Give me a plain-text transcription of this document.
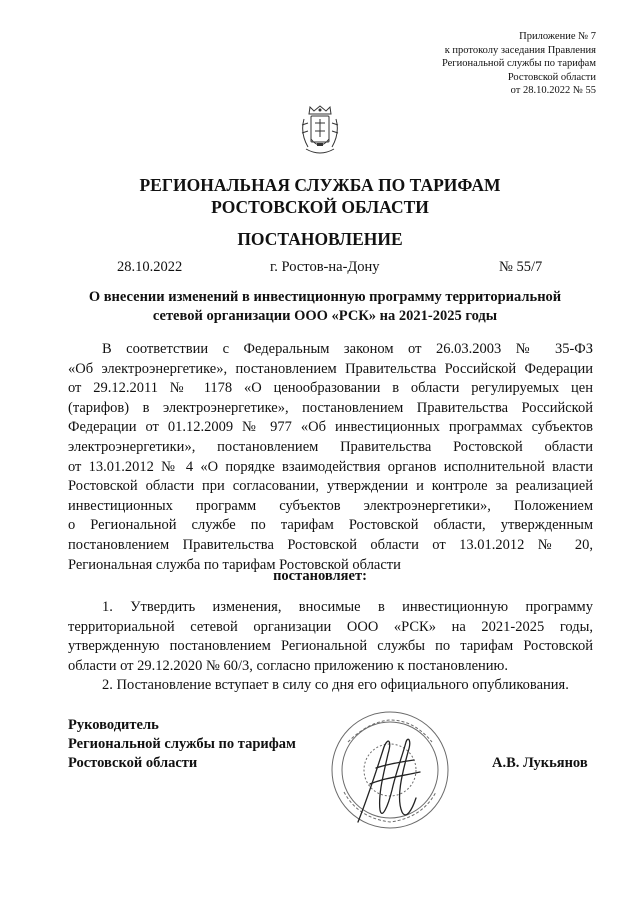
Приложение № 7
к протоколу заседания Правления
Региональной службы по тарифам
Ростовской области
от 28.10.2022 № 55
РЕГИОНАЛЬНАЯ СЛУЖБА ПО ТАРИФАМ
РОСТОВСКОЙ ОБЛАСТИ
ПОСТАНОВЛЕНИЕ
28.10.2022	г. Ростов-на-Дону	№ 55/7
О внесении изменений в инвестиционную программу территориальной
сетевой организации ООО «РСК» на 2021-2025 годы
В соответствии с Федеральным законом от 26.03.2003 № 35-ФЗ
«Об электроэнергетике», постановлением Правительства Российской Федерации
от 29.12.2011 № 1178 «О ценообразовании в области регулируемых цен
(тарифов) в электроэнергетике», постановлением Правительства Российской
Федерации от 01.12.2009 № 977 «Об инвестиционных программах субъектов
электроэнергетики», постановлением Правительства Ростовской области
от 13.01.2012 № 4 «О порядке взаимодействия органов исполнительной власти
Ростовской области при согласовании, утверждении и контроле за реализацией
инвестиционных программ субъектов электроэнергетики», Положением
о Региональной службе по тарифам Ростовской области, утвержденным
постановлением Правительства Ростовской области от 13.01.2012 № 20,
Региональная служба по тарифам Ростовской области
постановляет:
1. Утвердить изменения, вносимые в инвестиционную программу
территориальной сетевой организации ООО «РСК» на 2021-2025 годы,
утвержденную постановлением Региональной службы по тарифам Ростовской
области от 29.12.2020 № 60/3, согласно приложению к постановлению.
2. Постановление вступает в силу со дня его официального опубликования.
Руководитель
Региональной службы по тарифам
Ростовской области	А.В. Лукьянов
